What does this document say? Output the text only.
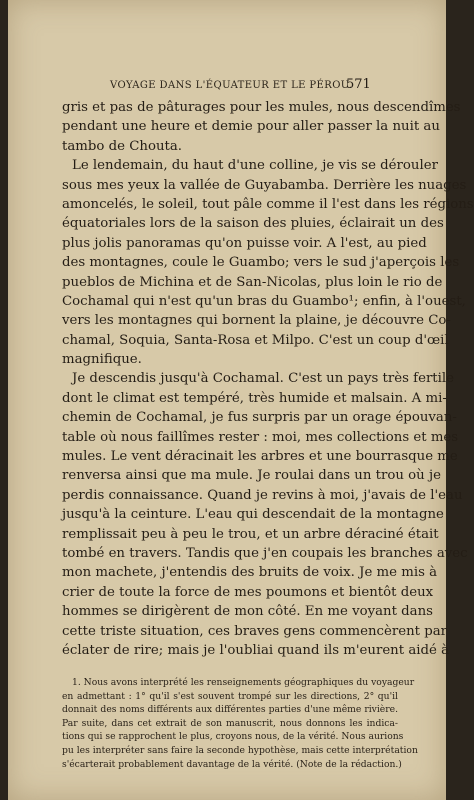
VOYAGE DANS L'ÉQUATEUR ET LE PÉROU.
571
gris et pas de pâturages pour les mules, nous descendîmes
pendant une heure et demie pour aller passer la nuit au
tambo de Chouta.
Le lendemain, du haut d'une colline, je vis se dérouler
sous mes yeux la vallée de Guyabamba. Derrière les nuages
amoncelés, le soleil, tout pâle comme il l'est dans les régions
équatoriales lors de la saison des pluies, éclairait un des
plus jolis panoramas qu'on puisse voir. A l'est, au pied
des montagnes, coule le Guambo; vers le sud j'aperçois les
pueblos de Michina et de San-Nicolas, plus loin le rio de
Cochamal qui n'est qu'un bras du Guambo¹; enfin, à l'ouest,
vers les montagnes qui bornent la plaine, je découvre Co-
chamal, Soquia, Santa-Rosa et Milpo. C'est un coup d'œil
magnifique.
Je descendis jusqu'à Cochamal. C'est un pays très fertile
dont le climat est tempéré, très humide et malsain. A mi-
chemin de Cochamal, je fus surpris par un orage épouvan-
table où nous faillîmes rester : moi, mes collections et mes
mules. Le vent déracinait les arbres et une bourrasque me
renversa ainsi que ma mule. Je roulai dans un trou où je
perdis connaissance. Quand je revins à moi, j'avais de l'eau
jusqu'à la ceinture. L'eau qui descendait de la montagne
remplissait peu à peu le trou, et un arbre déraciné était
tombé en travers. Tandis que j'en coupais les branches avec
mon machete, j'entendis des bruits de voix. Je me mis à
crier de toute la force de mes poumons et bientôt deux
hommes se dirigèrent de mon côté. En me voyant dans
cette triste situation, ces braves gens commencèrent par
éclater de rire; mais je l'oubliai quand ils m'eurent aidé à
1. Nous avons interprété les renseignements géographiques du voyageur
en admettant : 1° qu'il s'est souvent trompé sur les directions, 2° qu'il
donnait des noms différents aux différentes parties d'une même rivière.
Par suite, dans cet extrait de son manuscrit, nous donnons les indica-
tions qui se rapprochent le plus, croyons nous, de la vérité. Nous aurions
pu les interpréter sans faire la seconde hypothèse, mais cette interprétation
s'écarterait probablement davantage de la vérité. (Note de la rédaction.)
